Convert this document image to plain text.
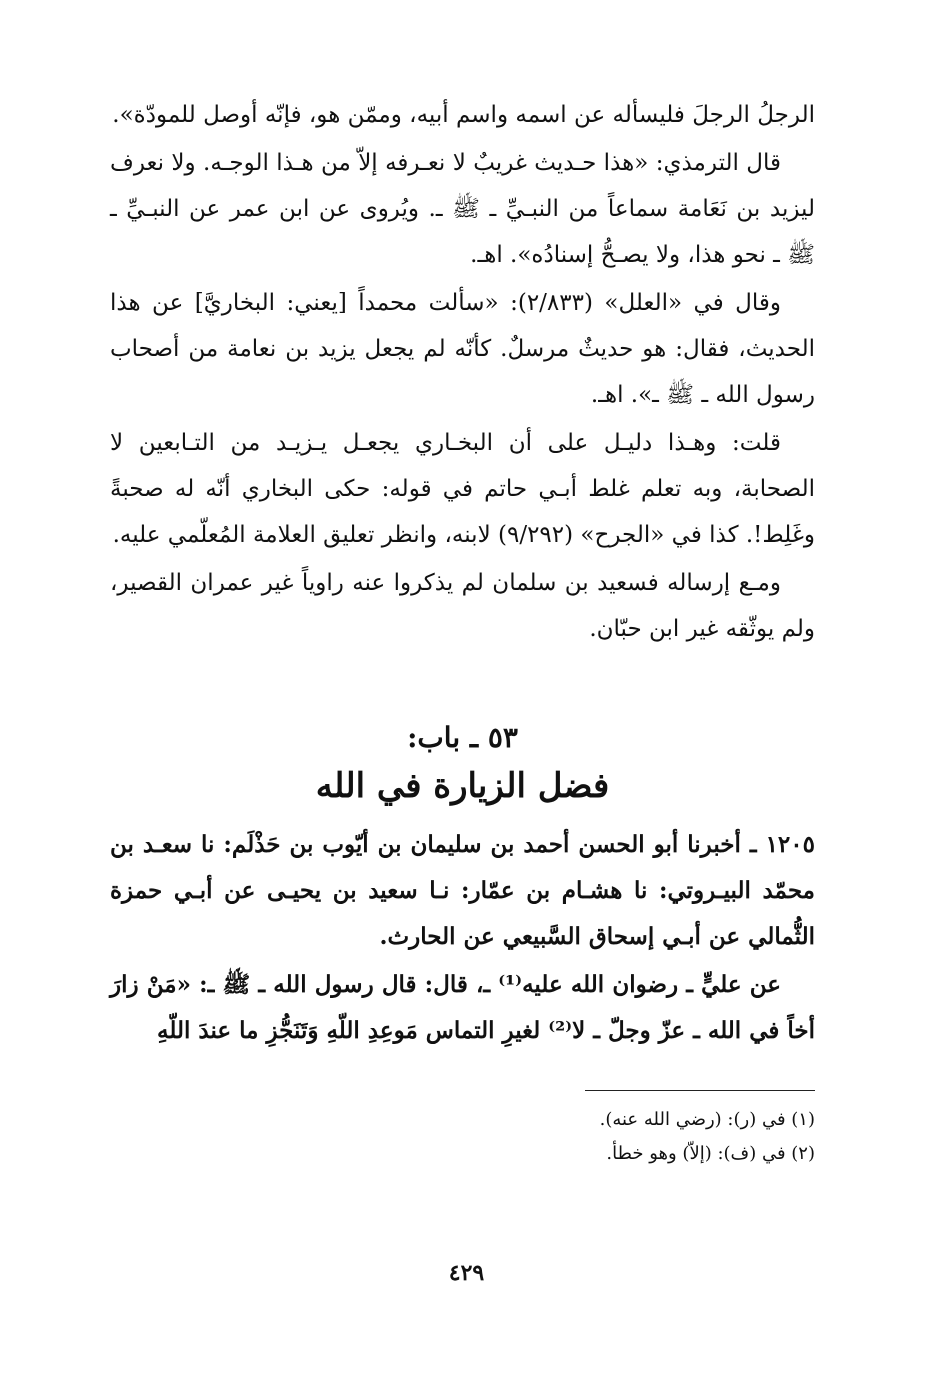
الرجلُ الرجلَ فليسأله عن اسمه واسم أبيه، وممّن هو، فإنّه أوصل للمودّة».

قال الترمذي: «هذا حـديث غريبٌ لا نعـرفه إلاّ من هـذا الوجـه. ولا نعرف ليزيد بن نَعَامة سماعاً من النبـيِّ ـ ﷺ ـ. ويُروى عن ابن عمر عن النبـيِّ ـ ﷺ ـ نحو هذا، ولا يصـحُّ إسنادُه». اهـ.

وقال في «العلل» (٢/٨٣٣): «سألت محمداً [يعني: البخاريَّ] عن هذا الحديث، فقال: هو حديثٌ مرسلٌ. كأنّه لم يجعل يزيد بن نعامة من أصحاب رسول الله ـ ﷺ ـ». اهـ.

قلت: وهـذا دليـل على أن البخـاري يجعـل يـزيـد من التـابعين لا الصحابة، وبه تعلم غلط أبـي حاتم في قوله: حكى البخاري أنّه له صحبةً وغَلِط!. كذا في «الجرح» (٩/٢٩٢) لابنه، وانظر تعليق العلامة المُعلّمي عليه.

ومـع إرساله فسعيد بن سلمان لم يذكروا عنه راوياً غير عمران القصير، ولم يوثّقه غير ابن حبّان.

٥٣ ـ باب:
فضل الزيارة في الله

١٢٠٥ ـ أخبرنا أبو الحسن أحمد بن سليمان بن أيّوب بن حَذْلَم: نا سعـد بن محمّد البيـروتي: نا هشـام بن عمّار: نـا سعيد بن يحيـى عن أبـي حمزة الثُّمالي عن أبـي إسحاق السَّبيعي عن الحارث.

عن عليٍّ ـ رضوان الله عليه⁽¹⁾ ـ، قال: قال رسول الله ـ ﷺ ـ: «مَنْ زارَ أخاً في الله ـ عزّ وجلّ ـ لا⁽²⁾ لغيرِ التماس مَوعِدِ اللّهِ وَتَنَجُّزِ ما عندَ اللّهِ

(١) في (ر): (رضي الله عنه).

(٢) في (ف): (إلاّ) وهو خطأ.

٤٢٩
